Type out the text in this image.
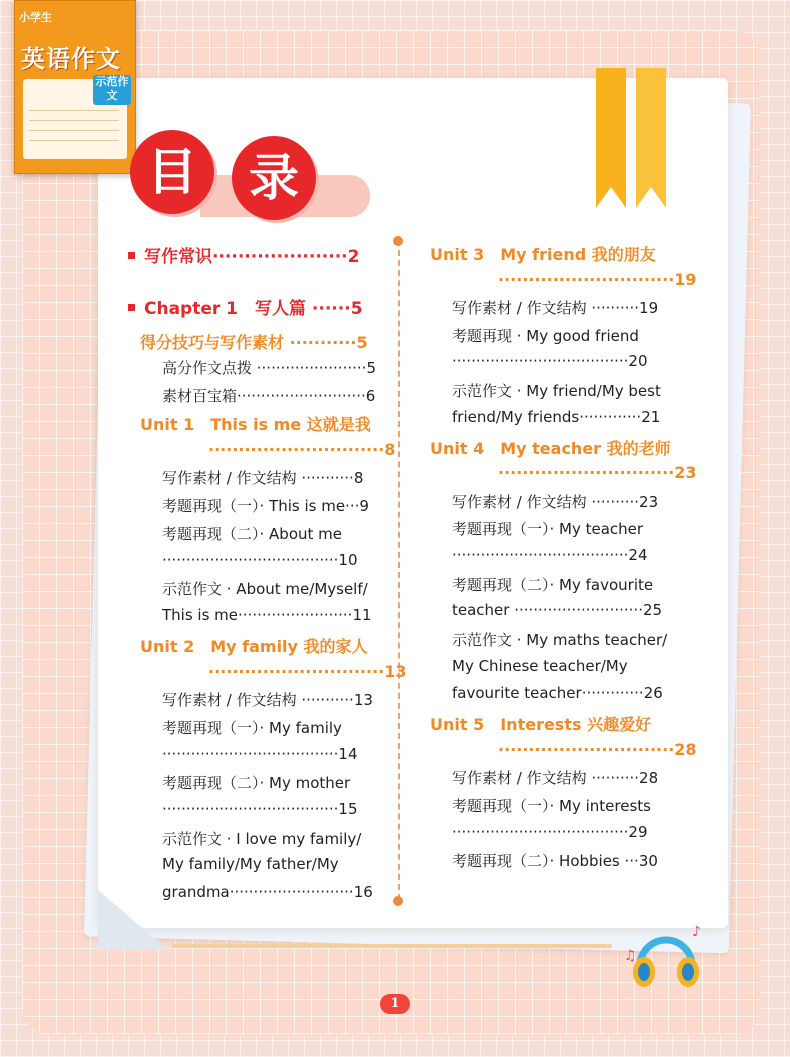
小学生
英语作文
示范作文
目	录
写作常识·····················2
Chapter 1　写人篇 ······5
得分技巧与写作素材 ···········5
高分作文点拨 ·······················5
素材百宝箱···························6
Unit 1　This is me 这就是我
·····························8
写作素材 / 作文结构 ···········8
考题再现（一）· This is me···9
考题再现（二）· About me
·····································10
示范作文 · About me/Myself/
This is me························11
Unit 2　My family 我的家人
·····························13
写作素材 / 作文结构 ···········13
考题再现（一）· My family
·····································14
考题再现（二）· My mother
·····································15
示范作文 · I love my family/
My family/My father/My
grandma··························16
Unit 3　My friend 我的朋友
·····························19
写作素材 / 作文结构 ··········19
考题再现 · My good friend
·····································20
示范作文 · My friend/My best
friend/My friends·············21
Unit 4　My teacher 我的老师
·····························23
写作素材 / 作文结构 ··········23
考题再现（一）· My teacher
·····································24
考题再现（二）· My favourite
teacher ···························25
示范作文 · My maths teacher/
My Chinese teacher/My
favourite teacher·············26
Unit 5　Interests 兴趣爱好
·····························28
写作素材 / 作文结构 ··········28
考题再现（一）· My interests
·····································29
考题再现（二）· Hobbies ···30
1
♪
♫
